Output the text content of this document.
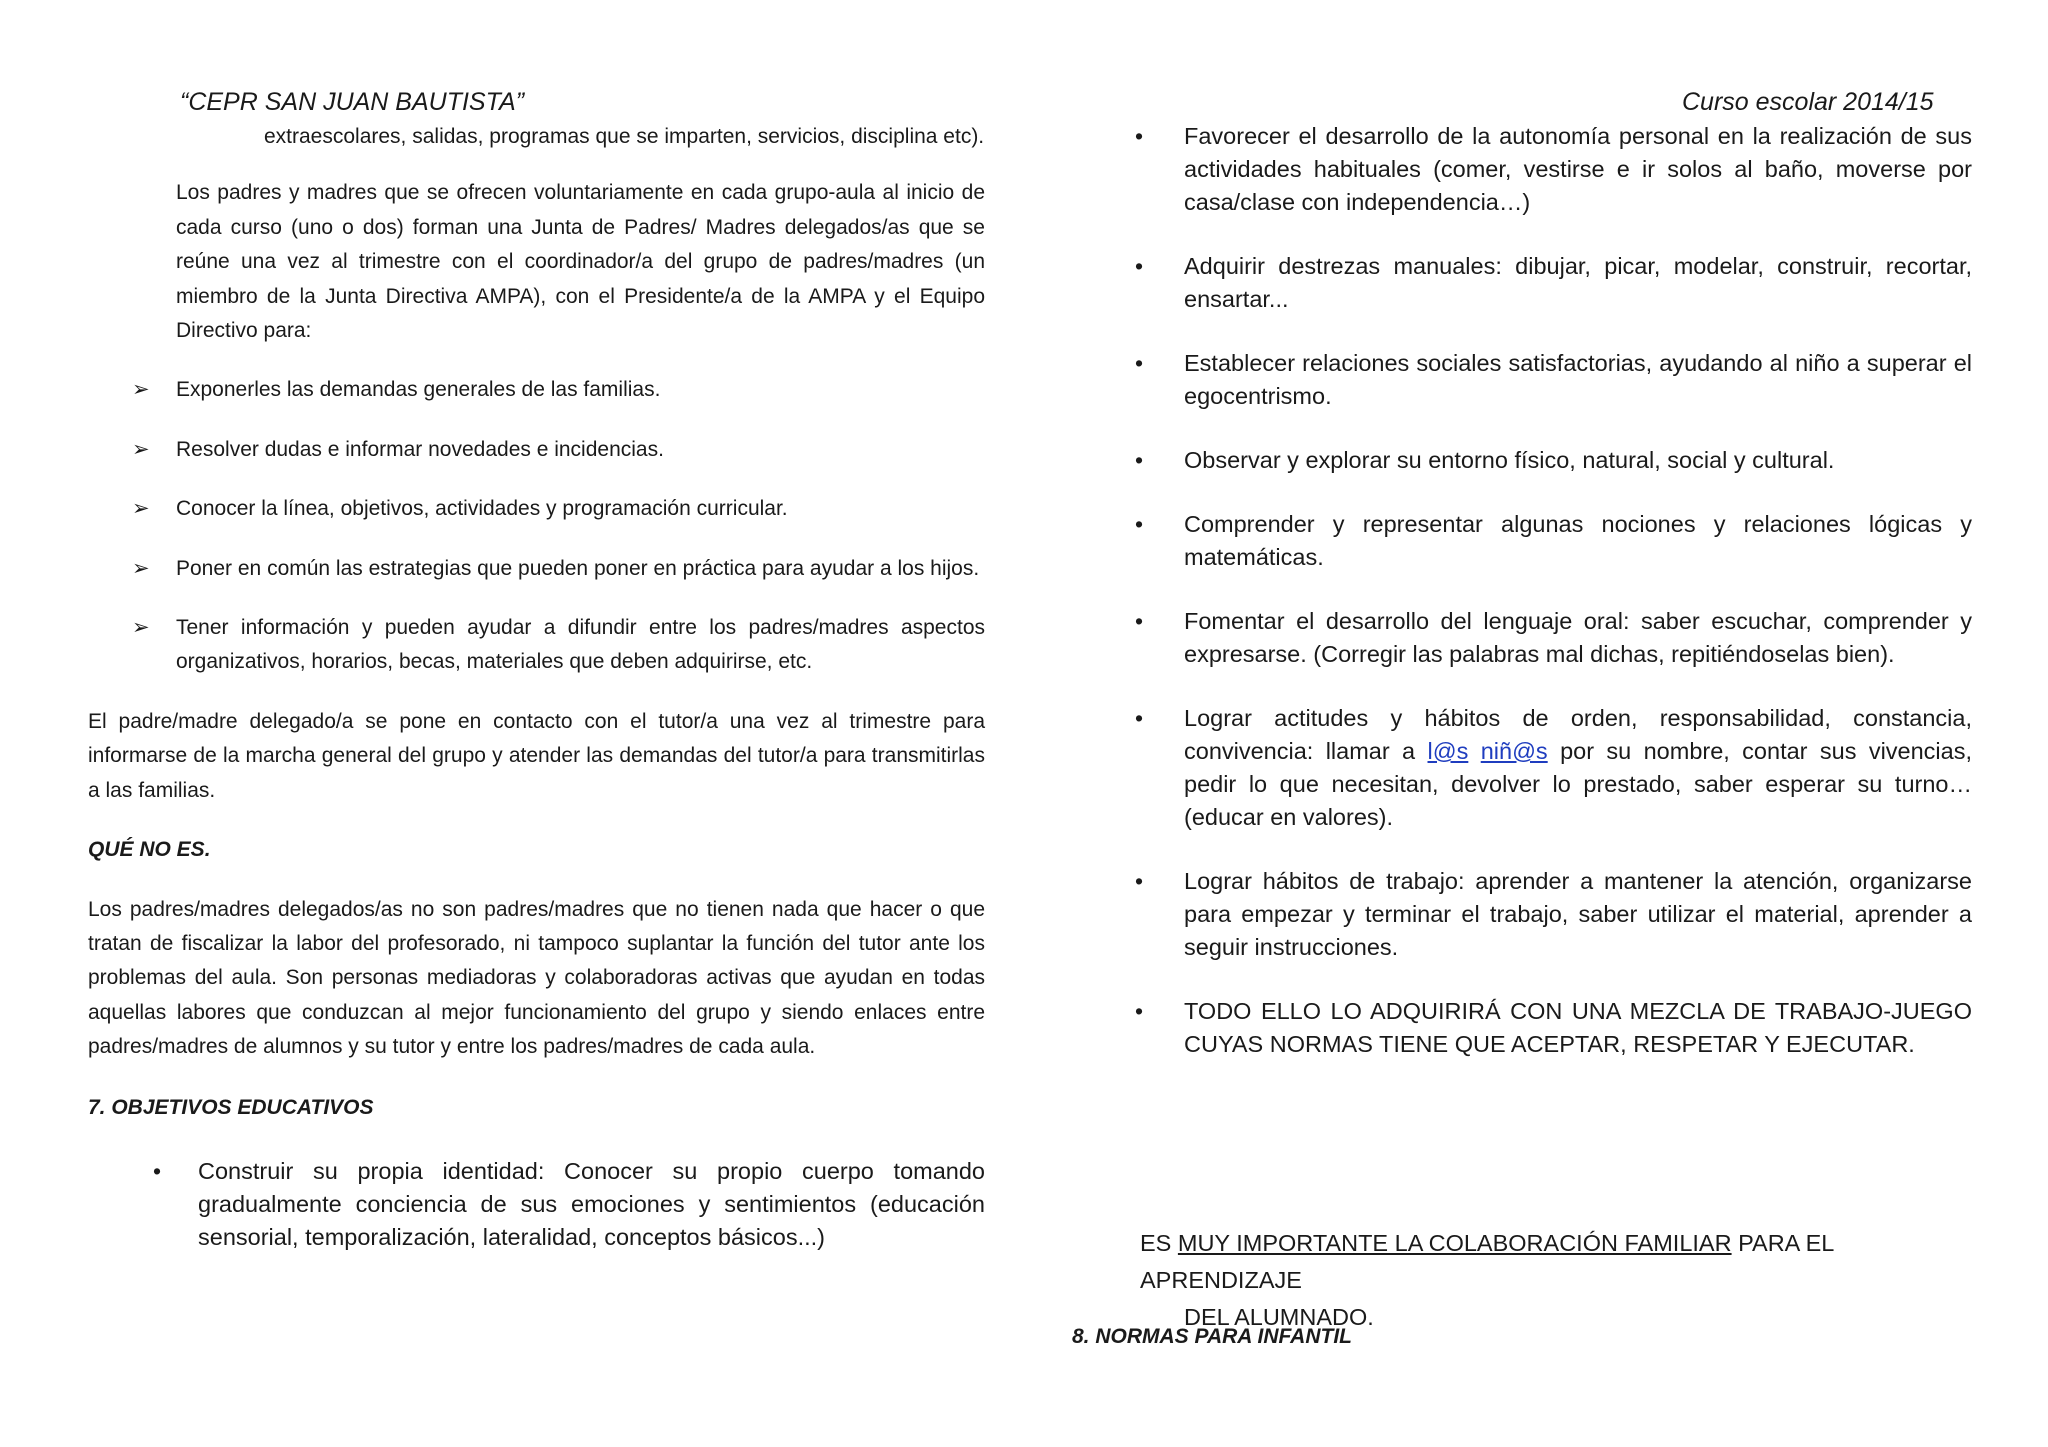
“CEPR SAN JUAN BAUTISTA”	Curso escolar 2014/15

extraescolares, salidas, programas que se imparten, servicios, disciplina etc).

Los padres y madres que se ofrecen voluntariamente en cada grupo-aula al inicio de cada curso (uno o dos) forman una Junta de Padres/ Madres delegados/as que se reúne una vez al trimestre con el coordinador/a del grupo de padres/madres (un miembro de la Junta Directiva AMPA), con el Presidente/a de la AMPA y el Equipo Directivo para:

➢ Exponerles las demandas generales de las familias.
➢ Resolver dudas e informar novedades e incidencias.
➢ Conocer la línea, objetivos, actividades y programación curricular.
➢ Poner en común las estrategias que pueden poner en práctica para ayudar a los hijos.
➢ Tener información y pueden ayudar a difundir entre los padres/madres aspectos organizativos, horarios, becas, materiales que deben adquirirse, etc.

El padre/madre delegado/a se pone en contacto con el tutor/a una vez al trimestre para informarse de la marcha general del grupo y atender las demandas del tutor/a para transmitirlas a las familias.

QUÉ NO ES.

Los padres/madres delegados/as no son padres/madres que no tienen nada que hacer o que tratan de fiscalizar la labor del profesorado, ni tampoco suplantar la función del tutor ante los problemas del aula. Son personas mediadoras y colaboradoras activas que ayudan en todas aquellas labores que conduzcan al mejor funcionamiento del grupo y siendo enlaces entre padres/madres de alumnos y su tutor y entre los padres/madres de cada aula.

7. OBJETIVOS EDUCATIVOS

• Construir su propia identidad: Conocer su propio cuerpo tomando gradualmente conciencia de sus emociones y sentimientos (educación sensorial, temporalización, lateralidad, conceptos básicos...)
• Favorecer el desarrollo de la autonomía personal en la realización de sus actividades habituales (comer, vestirse e ir solos al baño, moverse por casa/clase con independencia…)
• Adquirir destrezas manuales: dibujar, picar, modelar, construir, recortar, ensartar...
• Establecer relaciones sociales satisfactorias, ayudando al niño a superar el egocentrismo.
• Observar y explorar su entorno físico, natural, social y cultural.
• Comprender y representar algunas nociones y relaciones lógicas y matemáticas.
• Fomentar el desarrollo del lenguaje oral: saber escuchar, comprender y expresarse. (Corregir las palabras mal dichas, repitiéndoselas bien).
• Lograr actitudes y hábitos de orden, responsabilidad, constancia, convivencia: llamar a l@s niñ@s por su nombre, contar sus vivencias, pedir lo que necesitan, devolver lo prestado, saber esperar su turno… (educar en valores).
• Lograr hábitos de trabajo: aprender a mantener la atención, organizarse para empezar y terminar el trabajo, saber utilizar el material, aprender a seguir instrucciones.
• TODO ELLO LO ADQUIRIRÁ CON UNA MEZCLA DE TRABAJO-JUEGO CUYAS NORMAS TIENE QUE ACEPTAR, RESPETAR Y EJECUTAR.
ES MUY IMPORTANTE LA COLABORACIÓN FAMILIAR PARA EL APRENDIZAJE
DEL ALUMNADO.
8. NORMAS PARA INFANTIL
